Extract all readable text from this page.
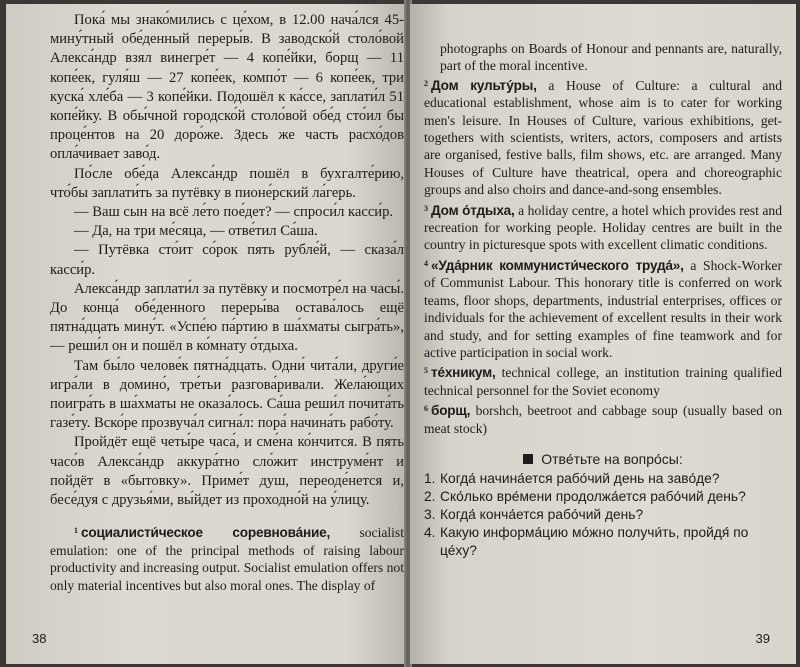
Пока́ мы знако́мились с це́хом, в 12.00 нача́лся 45-мину́тный обе́денный переры́в. В заводско́й столо́вой Алекса́ндр взял винегре́т — 4 копе́йки, борщ — 11 копе́ек, гуля́ш — 27 копе́ек, компо́т — 6 копе́ек, три куска́ хле́ба — 3 копе́йки. Подошёл к ка́ссе, заплати́л 51 копе́йку. В обы́чной городско́й столо́вой обе́д сто́ил бы проце́нтов на 20 доро́же. Здесь же часть расхо́дов опла́чивает заво́д.

По́сле обе́да Алекса́ндр пошёл в бухгалте́рию, что́бы заплати́ть за путёвку в пионе́рский ла́герь.

— Ваш сын на всё ле́то пое́дет? — спроси́л касси́р.

— Да, на три ме́сяца, — отве́тил Са́ша.

— Путёвка сто́ит со́рок пять рубле́й, — сказа́л касси́р.

Алекса́ндр заплати́л за путёвку и посмотре́л на часы́. До конца́ обе́денного переры́ва остава́лось ещё пятна́дцать мину́т. «Успе́ю па́ртию в ша́хматы сыгра́ть», — реши́л он и пошёл в ко́мнату о́тдыха.

Там бы́ло челове́к пятна́дцать. Одни́ чита́ли, други́е игра́ли в домино́, тре́тьи разгова́ривали. Жела́ющих поигра́ть в ша́хматы не оказа́лось. Са́ша реши́л почита́ть газе́ту. Вско́ре прозвуча́л сигна́л: пора́ начина́ть рабо́ту.

Пройдёт ещё четы́ре часа́, и сме́на ко́нчится. В пять часо́в Алекса́ндр аккура́тно сло́жит инструме́нт и пойдёт в «бытовку». Приме́т душ, переоде́нется и, бесе́дуя с друзья́ми, вы́йдет из проходно́й на у́лицу.

$^1$ социалисти́ческое соревнова́ние, socialist emulation: one of the principal methods of raising labour productivity and increasing output. Socialist emulation offers not only material incentives but also moral ones. The display of

38

photographs on Boards of Honour and pennants are, naturally, part of the moral incentive.

$^2$ Дом культу́ры, a House of Culture: a cultural and educational establishment, whose aim is to cater for working men's leisure. In Houses of Culture, various exhibitions, get-togethers with scientists, writers, actors, composers and artists are organised, festive balls, film shows, etc. are arranged. Many Houses of Culture have theatrical, opera and choreographic groups and also choirs and dance-and-song ensembles.

$^3$ Дом о́тдыха, a holiday centre, a hotel which provides rest and recreation for working people. Holiday centres are built in the country in picturesque spots with excellent climatic conditions.

$^4$ «Уда́рник коммунисти́ческого труда́», a Shock-Worker of Communist Labour. This honorary title is conferred on work teams, floor shops, departments, industrial enterprises, offices or individuals for the achievement of excellent results in their work and study, and for setting examples of fine teamwork and for active participation in social work.

$^5$ те́хникум, technical college, an institution training qualified technical personnel for the Soviet economy

$^6$ борщ, borshch, beetroot and cabbage soup (usually based on meat stock)

Отве́тьте на вопро́сы:
1. Когда́ начина́ется рабо́чий день на заво́де?
2. Ско́лько вре́мени продолжа́ется рабо́чий день?
3. Когда́ конча́ется рабо́чий день?
4. Какую информа́цию мо́жно получи́ть, пройдя́ по це́ху?
39
